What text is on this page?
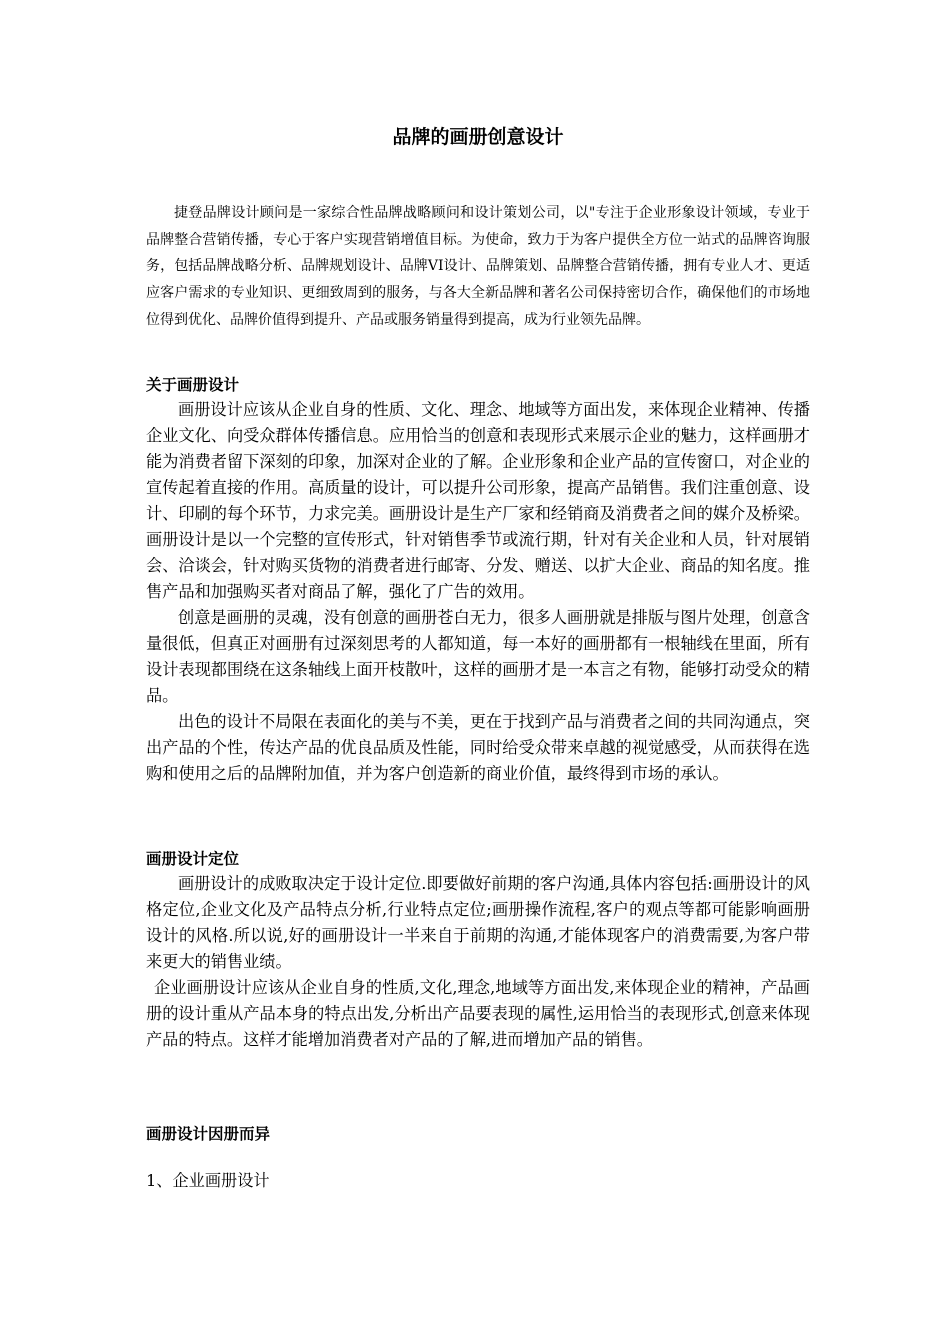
品牌的画册创意设计

捷登品牌设计顾问是一家综合性品牌战略顾问和设计策划公司，以"专注于企业形象设计领域，专业于品牌整合营销传播，专心于客户实现营销增值目标。为使命，致力于为客户提供全方位一站式的品牌咨询服务，包括品牌战略分析、品牌规划设计、品牌VI设计、品牌策划、品牌整合营销传播，拥有专业人才、更适应客户需求的专业知识、更细致周到的服务，与各大全新品牌和著名公司保持密切合作，确保他们的市场地位得到优化、品牌价值得到提升、产品或服务销量得到提高，成为行业领先品牌。

关于画册设计

画册设计应该从企业自身的性质、文化、理念、地域等方面出发，来体现企业精神、传播企业文化、向受众群体传播信息。应用恰当的创意和表现形式来展示企业的魅力，这样画册才能为消费者留下深刻的印象，加深对企业的了解。企业形象和企业产品的宣传窗口，对企业的宣传起着直接的作用。高质量的设计，可以提升公司形象，提高产品销售。我们注重创意、设计、印刷的每个环节，力求完美。画册设计是生产厂家和经销商及消费者之间的媒介及桥梁。画册设计是以一个完整的宣传形式，针对销售季节或流行期，针对有关企业和人员，针对展销会、洽谈会，针对购买货物的消费者进行邮寄、分发、赠送、以扩大企业、商品的知名度。推售产品和加强购买者对商品了解，强化了广告的效用。

创意是画册的灵魂，没有创意的画册苍白无力，很多人画册就是排版与图片处理，创意含量很低，但真正对画册有过深刻思考的人都知道，每一本好的画册都有一根轴线在里面，所有设计表现都围绕在这条轴线上面开枝散叶，这样的画册才是一本言之有物，能够打动受众的精品。

出色的设计不局限在表面化的美与不美，更在于找到产品与消费者之间的共同沟通点，突出产品的个性，传达产品的优良品质及性能，同时给受众带来卓越的视觉感受，从而获得在选购和使用之后的品牌附加值，并为客户创造新的商业价值，最终得到市场的承认。

画册设计定位

画册设计的成败取决定于设计定位.即要做好前期的客户沟通,具体内容包括:画册设计的风格定位,企业文化及产品特点分析,行业特点定位;画册操作流程,客户的观点等都可能影响画册设计的风格.所以说,好的画册设计一半来自于前期的沟通,才能体现客户的消费需要,为客户带来更大的销售业绩。

企业画册设计应该从企业自身的性质,文化,理念,地域等方面出发,来体现企业的精神，产品画册的设计重从产品本身的特点出发,分析出产品要表现的属性,运用恰当的表现形式,创意来体现产品的特点。这样才能增加消费者对产品的了解,进而增加产品的销售。

画册设计因册而异

1、企业画册设计
